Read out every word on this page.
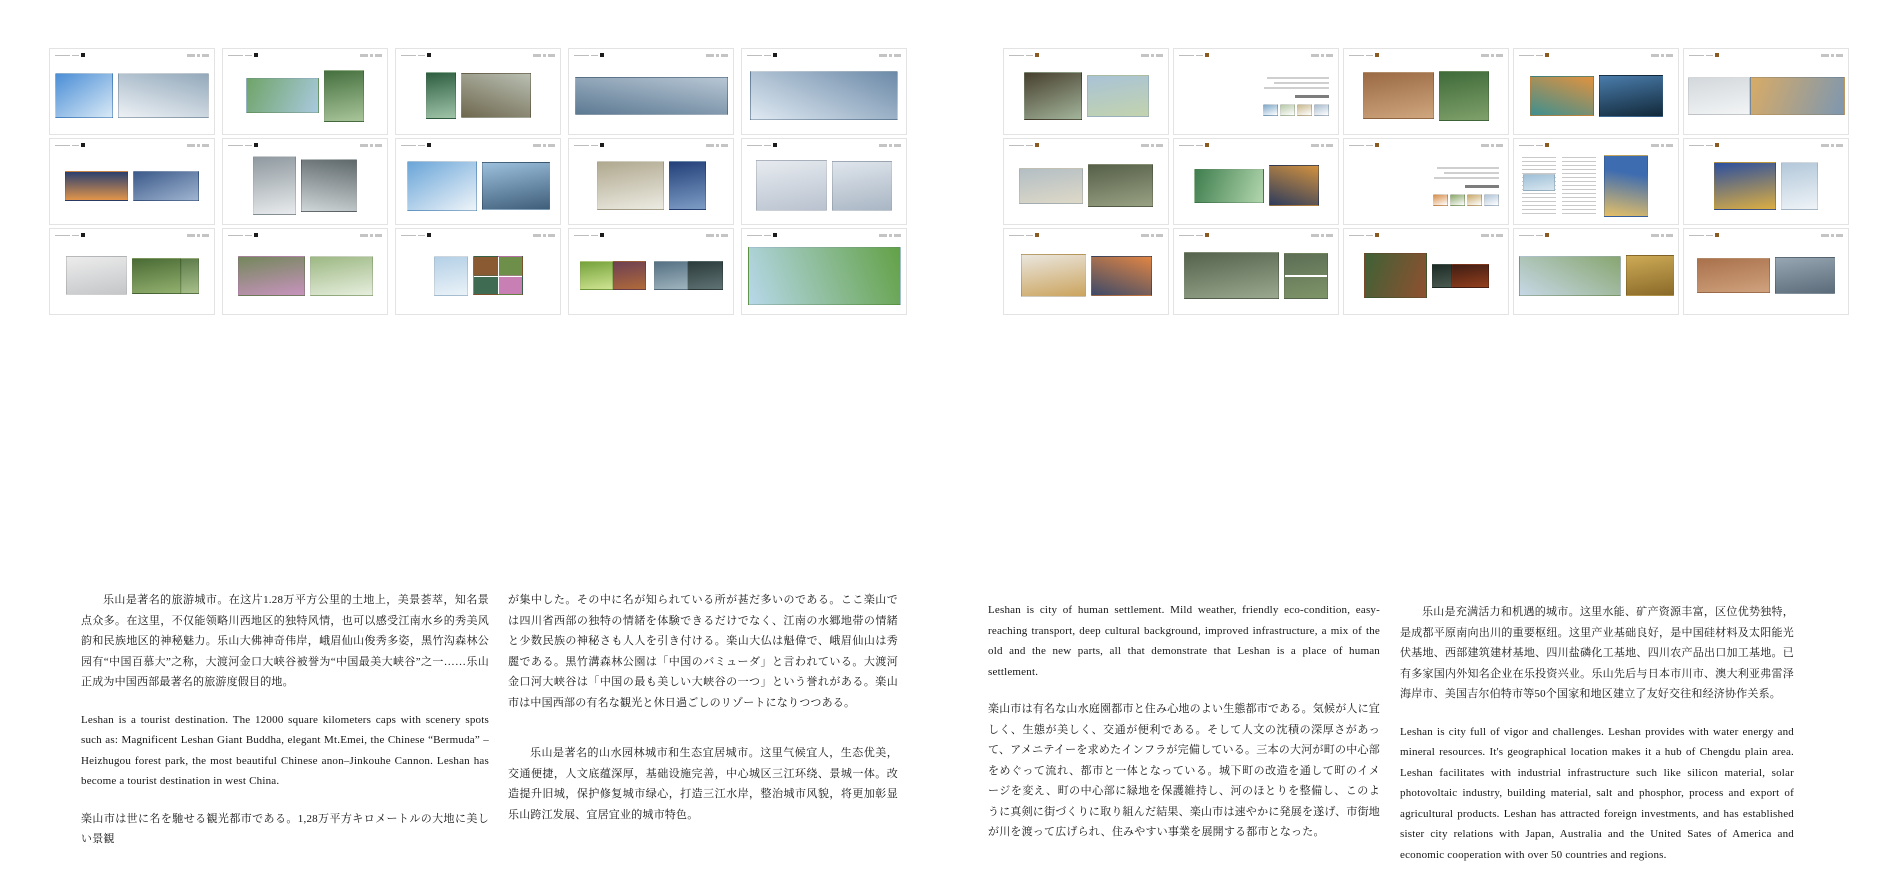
乐山是著名的旅游城市。在这片1.28万平方公里的土地上，美景荟萃，知名景点众多。在这里，不仅能领略川西地区的独特风情，也可以感受江南水乡的秀美风韵和民族地区的神秘魅力。乐山大佛神奇伟岸，峨眉仙山俊秀多姿，黑竹沟森林公园有“中国百慕大”之称，大渡河金口大峡谷被誉为“中国最美大峡谷”之一……乐山正成为中国西部最著名的旅游度假目的地。

Leshan is a tourist destination. The 12000 square kilometers caps with scenery spots such as: Magnificent Leshan Giant Buddha, elegant Mt.Emei, the Chinese “Bermuda” –Heizhugou forest park, the most beautiful Chinese anon–Jinkouhe Cannon. Leshan has become a tourist destination in west China.

楽山市は世に名を馳せる観光都市である。1,28万平方キロメートルの大地に美しい景観

が集中した。その中に名が知られている所が甚だ多いのである。ここ楽山では四川省西部の独特の情緒を体験できるだけでなく、江南の水郷地帯の情緒と少数民族の神秘さも人人を引き付ける。楽山大仏は魁偉で、峨眉仙山は秀麗である。黒竹溝森林公園は「中国のバミューダ」と言われている。大渡河金口河大峡谷は「中国の最も美しい大峡谷の一つ」という誉れがある。楽山市は中国西部の有名な観光と休日過ごしのリゾートになりつつある。

乐山是著名的山水园林城市和生态宜居城市。这里气候宜人，生态优美，交通便捷，人文底蕴深厚，基础设施完善，中心城区三江环绕、景城一体。改造提升旧城，保护修复城市绿心，打造三江水岸，整治城市风貌，将更加彰显乐山跨江发展、宜居宜业的城市特色。

Leshan is city of human settlement. Mild weather, friendly eco-condition, easy-reaching transport, deep cultural background, improved infrastructure, a mix of the old and the new parts, all that demonstrate that Leshan is a place of human settlement.

楽山市は有名な山水庭園都市と住み心地のよい生態都市である。気候が人に宜しく、生態が美しく、交通が便利である。そして人文の沈積の深厚さがあって、アメニテイーを求めたインフラが完備している。三本の大河が町の中心部をめぐって流れ、都市と一体となっている。城下町の改造を通して町のイメージを変え、町の中心部に緑地を保護維持し、河のほとりを整備し、このように真剣に街づくりに取り組んだ結果、楽山市は速やかに発展を遂げ、市街地が川を渡って広げられ、住みやすい事業を展開する都市となった。

乐山是充满活力和机遇的城市。这里水能、矿产资源丰富，区位优势独特，是成都平原南向出川的重要枢纽。这里产业基础良好，是中国硅材料及太阳能光伏基地、西部建筑建材基地、四川盐磷化工基地、四川农产品出口加工基地。已有多家国内外知名企业在乐投资兴业。乐山先后与日本市川市、澳大利亚弗雷泽海岸市、美国吉尔伯特市等50个国家和地区建立了友好交往和经济协作关系。

Leshan is city full of vigor and challenges. Leshan provides with water energy and mineral resources. It's geographical location makes it a hub of Chengdu plain area. Leshan facilitates with industrial infrastructure such like silicon material, solar photovoltaic industry, building material, salt and phosphor, process and export of agricultural products. Leshan has attracted foreign investments, and has established sister city relations with Japan, Australia and the United Sates of America and economic cooperation with over 50 countries and regions.
